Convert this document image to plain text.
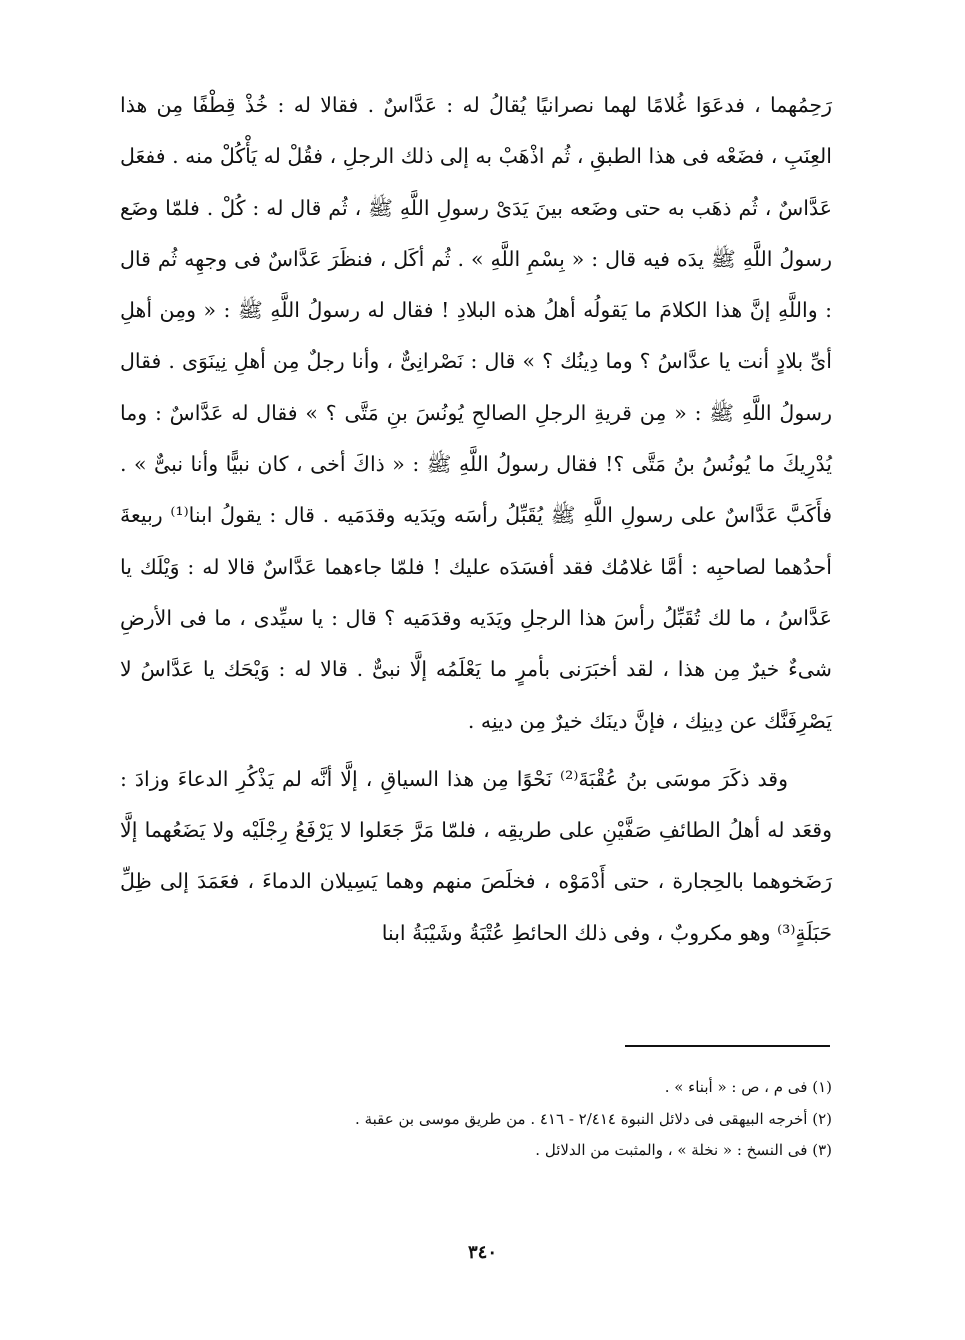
رَحِمُهما ، فدعَوَا غُلامًا لهما نصرانيًا يُقالُ له : عَدَّاسٌ . فقالا له : خُذْ قِطْفًا مِن هذا العِنَبِ ، فضَعْه فى هذا الطبقِ ، ثُم اذْهَبْ به إلى ذلك الرجلِ ، فقُلْ له يَأْكُلْ منه . ففعَل عَدَّاسٌ ، ثُم ذهَب به حتى وضَعه بينَ يَدَىْ رسولِ اللَّهِ ﷺ ، ثُم قال له : كُلْ . فلمّا وضَع رسولُ اللَّهِ ﷺ يدَه فيه قال : « بِسْمِ اللَّهِ » . ثُم أكَل ، فنظَرَ عَدَّاسٌ فى وجهِه ثُم قال : واللَّهِ إنَّ هذا الكلامَ ما يَقولُه أهلُ هذه البلادِ ! فقال له رسولُ اللَّهِ ﷺ : « ومِن أهلِ أىِّ بلادٍ أنت يا عدَّاسُ ؟ وما دِينُك ؟ » قال : نَصْرانِىٌّ ، وأنا رجلٌ مِن أهلِ نِينَوَى . فقال رسولُ اللَّهِ ﷺ : « مِن قريةِ الرجلِ الصالحِ يُونُسَ بنِ مَتَّى ؟ » فقال له عَدَّاسٌ : وما يُدْرِيكَ ما يُونُسُ بنُ مَتَّى ؟! فقال رسولُ اللَّهِ ﷺ : « ذاكَ أخى ، كان نبيًّا وأنا نبىٌّ » . فأَكَبَّ عَدَّاسٌ على رسولِ اللَّهِ ﷺ يُقَبِّلُ رأسَه ويَدَيه وقدَمَيه . قال : يقولُ ابنا⁽¹⁾ ربيعةَ أحدُهما لصاحبِه : أمَّا غلامُك فقد أفسَدَه عليك ! فلمّا جاءهما عَدَّاسٌ قالا له : وَيْلَك يا عَدَّاسُ ، ما لك تُقَبِّلُ رأسَ هذا الرجلِ ويَدَيه وقدَمَيه ؟ قال : يا سيِّدى ، ما فى الأرضِ شىءٌ خيرٌ مِن هذا ، لقد أخبَرَنى بأمرٍ ما يَعْلَمُه إلَّا نبىٌّ . قالا له : وَيْحَك يا عَدَّاسُ لا يَصْرِفَنَّك عن دِينِك ، فإنَّ دينَك خيرٌ مِن دينِه .

وقد ذكَرَ موسَى بنُ عُقْبَةَ⁽²⁾ نَحْوًا مِن هذا السياقِ ، إلَّا أنَّه لم يَذْكُرِ الدعاءَ وزادَ : وقعَد له أهلُ الطائفِ صَفَّيْنِ على طريقِه ، فلمّا مَرَّ جَعَلوا لا يَرْفَعُ رِجْلَيْه ولا يَضَعُهما إلَّا رَضَخوهما بالحِجارة ، حتى أَدْمَوْه ، فخلَصَ منهم وهما يَسِيلان الدماءَ ، فعَمَدَ إلى ظِلِّ حَبَلَةٍ⁽³⁾ وهو مكروبٌ ، وفى ذلك الحائطِ عُتْبَةُ وشَيْبَةُ ابنا

(١) فى م ، ص : « أبناء » .

(٢) أخرجه البيهقى فى دلائل النبوة ٢/٤١٤ - ٤١٦ . من طريق موسى بن عقبة .

(٣) فى النسخ : « نخلة » ، والمثبت من الدلائل .

٣٤٠
